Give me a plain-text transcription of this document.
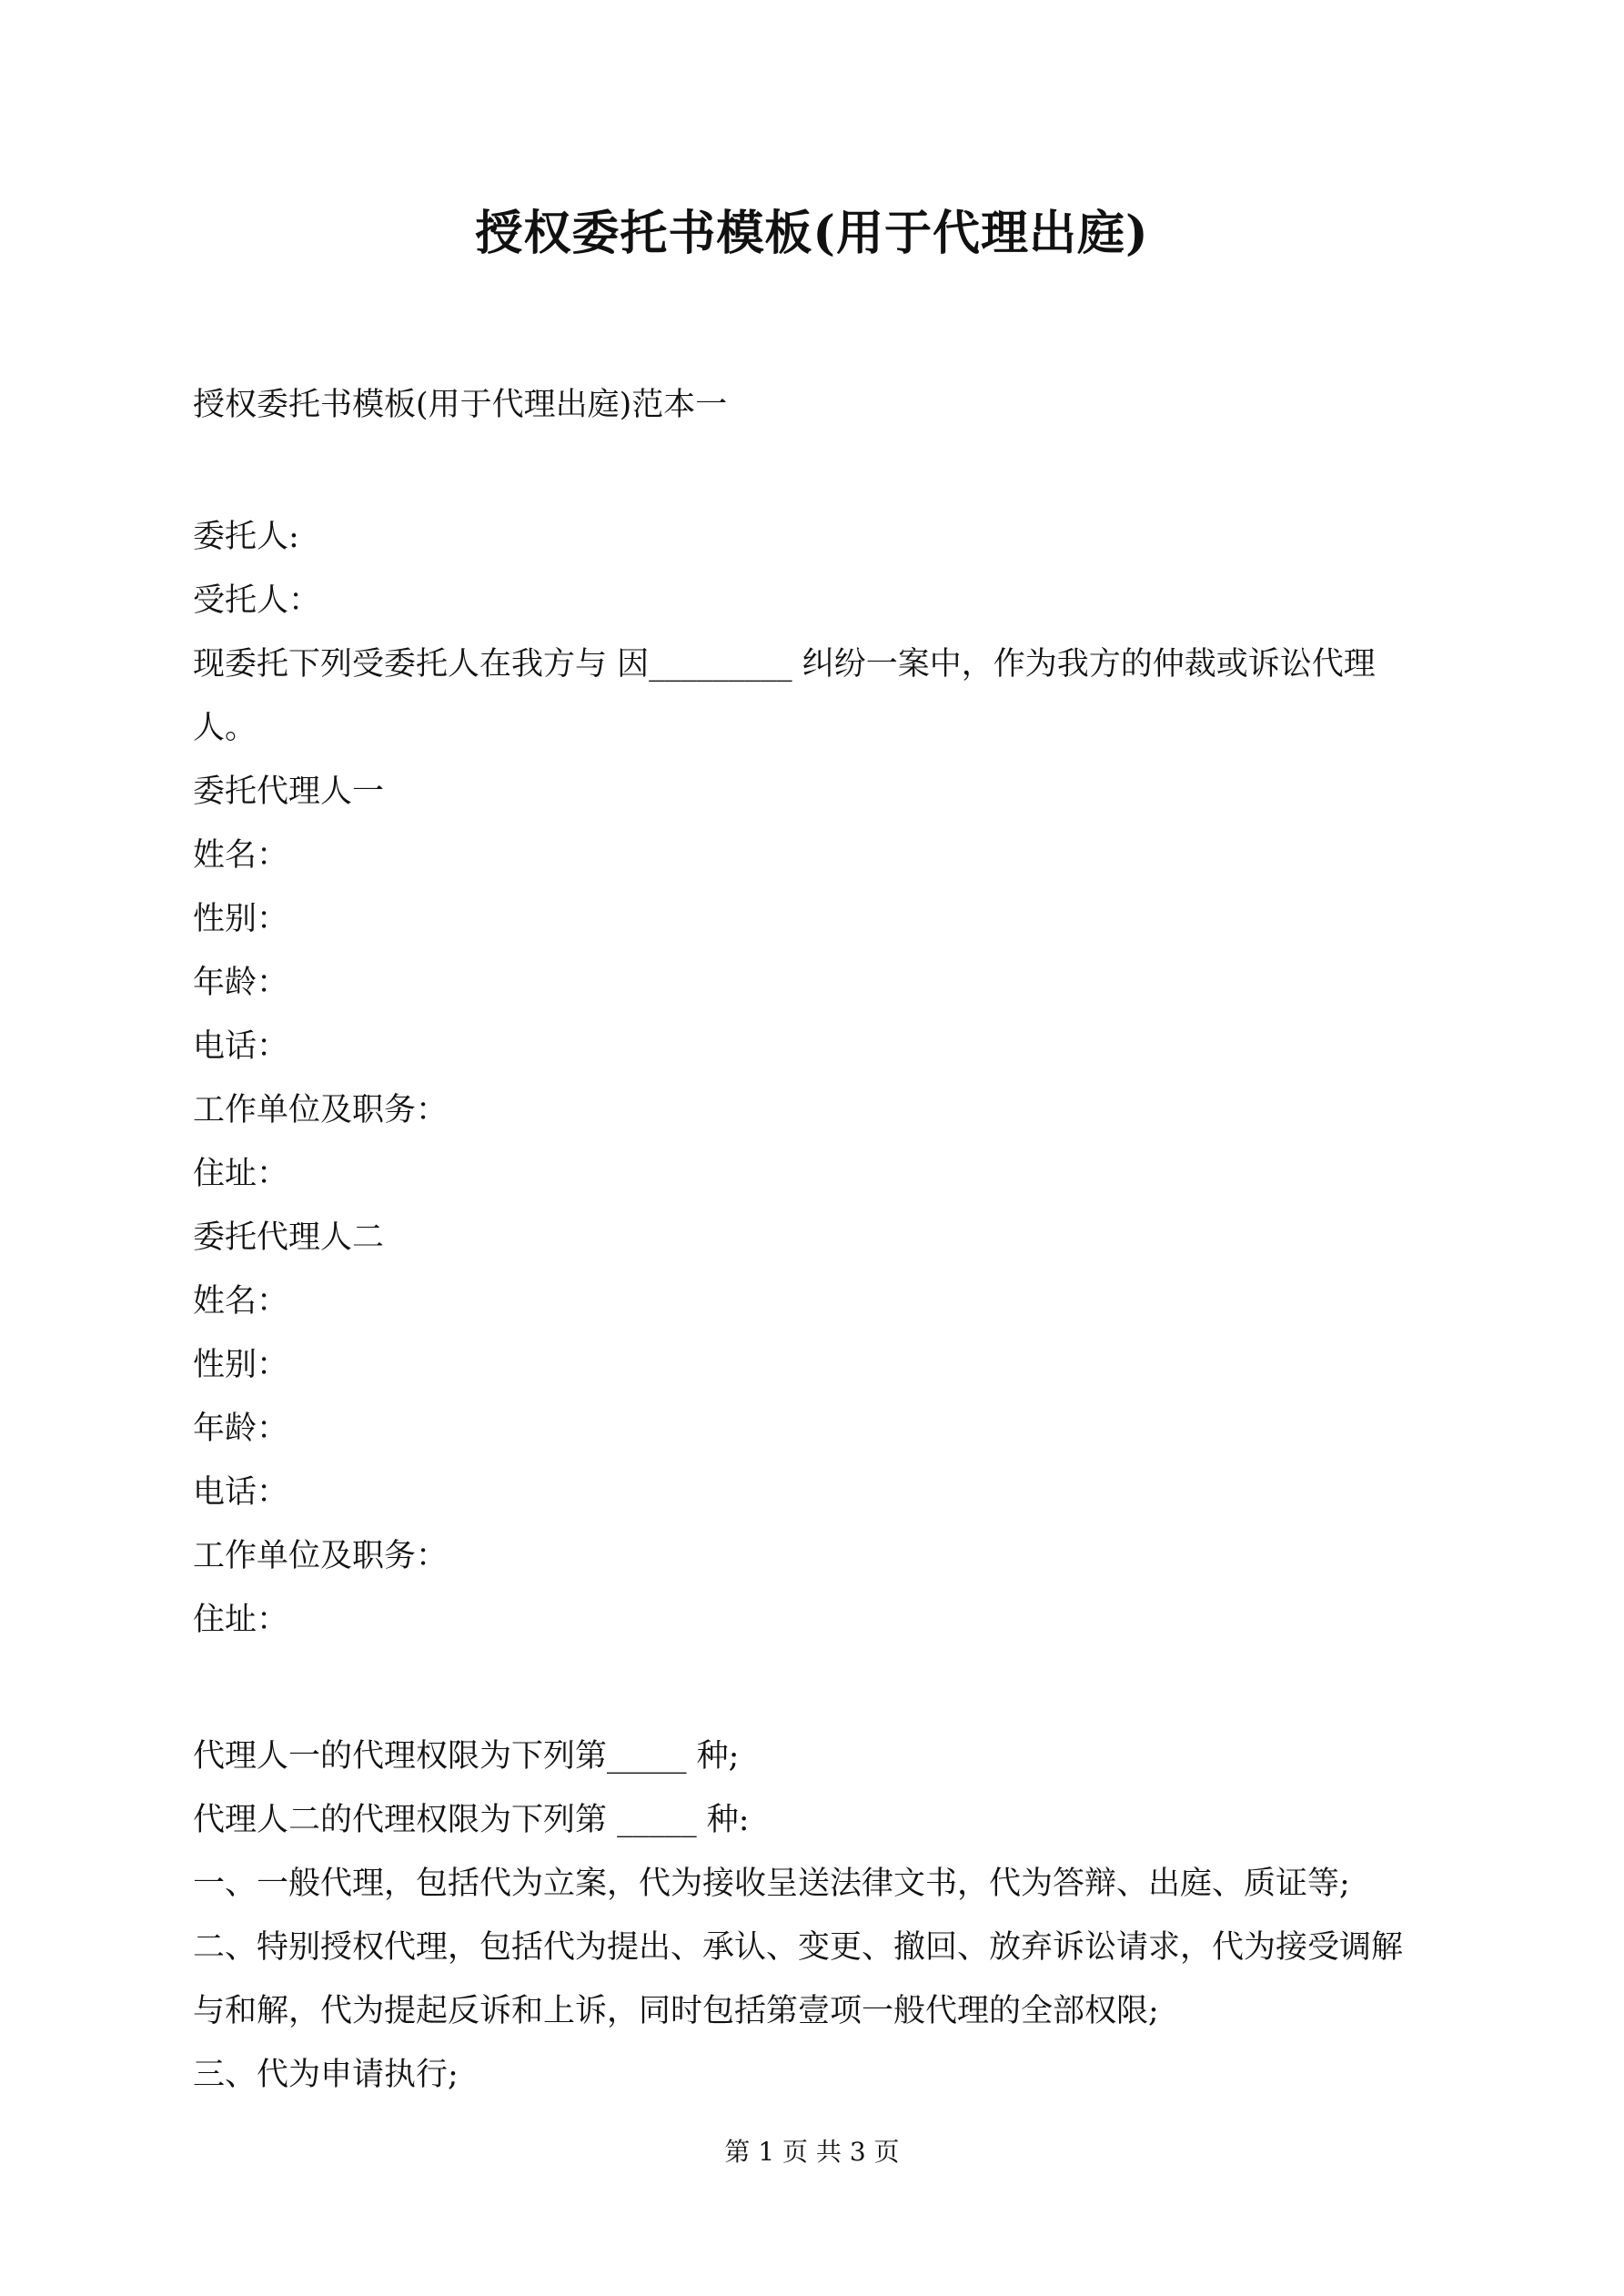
授权委托书模板(用于代理出庭)
授权委托书模板(用于代理出庭)范本一
委托人:
受托人：
现委托下列受委托人在我方与 因_________ 纠纷一案中，作为我方的仲裁或诉讼代理
人。
委托代理人一
姓名：
性别：
年龄：
电话：
工作单位及职务：
住址：
委托代理人二
姓名：
性别：
年龄：
电话：
工作单位及职务：
住址：
代理人一的代理权限为下列第_____ 种;
代理人二的代理权限为下列第 _____ 种:
一、一般代理，包括代为立案，代为接收呈送法律文书，代为答辩、出庭、质证等;
二、特别授权代理，包括代为提出、承认、变更、撤回、放弃诉讼请求，代为接受调解
与和解，代为提起反诉和上诉，同时包括第壹项一般代理的全部权限;
三、代为申请执行;
第 1 页 共 3 页
